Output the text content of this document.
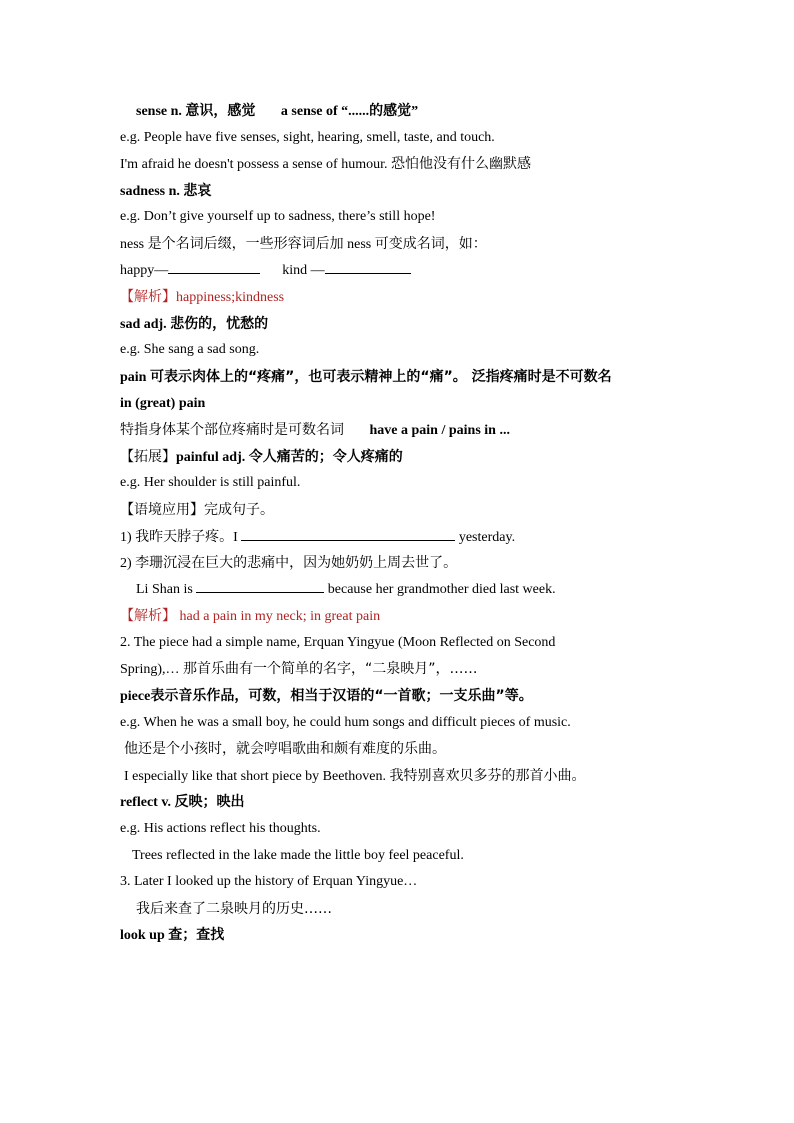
sense n. 意识，感觉 a sense of “......的感觉”
e.g. People have five senses, sight, hearing, smell, taste, and touch.
I'm afraid he doesn't possess a sense of humour. 恐怕他没有什么幽默感
sadness n. 悲哀
e.g. Don’t give yourself up to sadness, there’s still hope!
ness 是个名词后缀，一些形容词后加 ness 可变成名词，如：
happy—	kind —
【解析】happiness;kindness
sad adj. 悲伤的，忧愁的
e.g. She sang a sad song.
pain 可表示肉体上的“疼痛”，也可表示精神上的“痛”。 泛指疼痛时是不可数名
in (great) pain
特指身体某个部位疼痛时是可数名词 have a pain / pains in ...
【拓展】painful adj. 令人痛苦的；令人疼痛的
e.g. Her shoulder is still painful.
【语境应用】完成句子。
1) 我昨天脖子疼。I	yesterday.
2) 李珊沉浸在巨大的悲痛中，因为她奶奶上周去世了。
Li Shan is	because her grandmother died last week.
【解析】 had a pain in my neck; in great pain
2. The piece had a simple name, Erquan Yingyue (Moon Reflected on Second
Spring),… 那首乐曲有一个简单的名字，“二泉映月”，……
piece表示音乐作品，可数，相当于汉语的“一首歌；一支乐曲”等。
e.g. When he was a small boy, he could hum songs and difficult pieces of music.
他还是个小孩时，就会哼唱歌曲和颇有难度的乐曲。
I especially like that short piece by Beethoven. 我特别喜欢贝多芬的那首小曲。
reflect v. 反映；映出
e.g. His actions reflect his thoughts.
Trees reflected in the lake made the little boy feel peaceful.
3. Later I looked up the history of Erquan Yingyue…
我后来查了二泉映月的历史……
look up 查；查找
